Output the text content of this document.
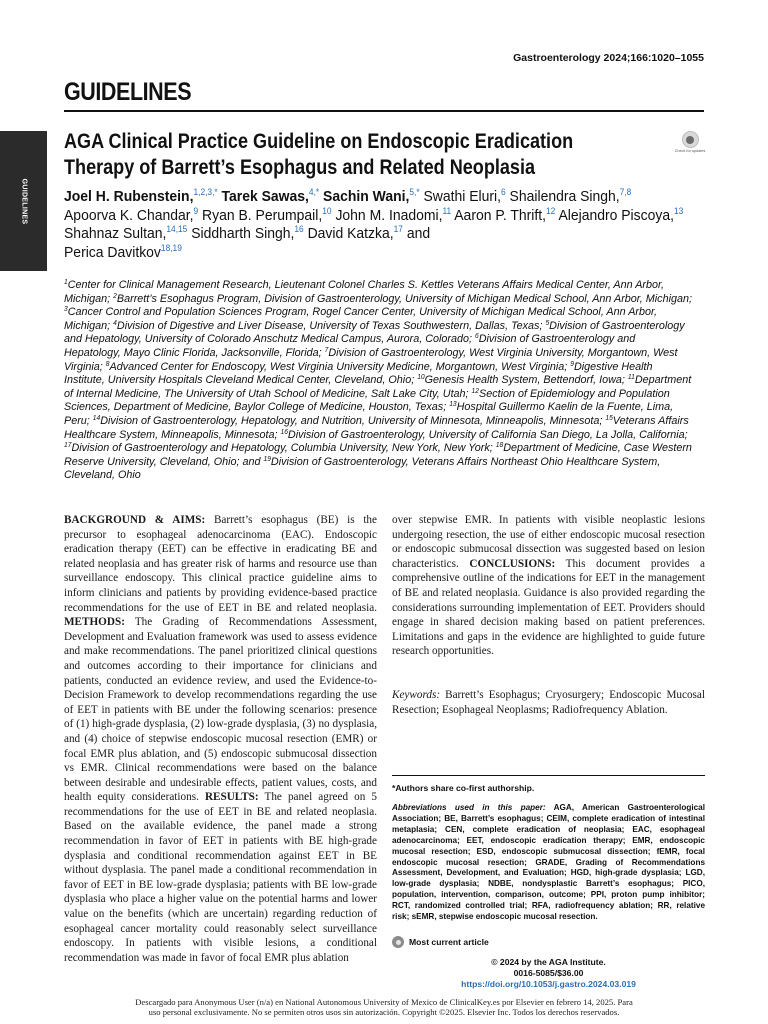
GUIDELINES
Gastroenterology 2024;166:1020–1055
GUIDELINES
AGA Clinical Practice Guideline on Endoscopic Eradication
Therapy of Barrett’s Esophagus and Related Neoplasia
Check for updates
Joel H. Rubenstein,$^{1,2,3,*}$ Tarek Sawas,$^{4,*}$ Sachin Wani,$^{5,*}$ Swathi Eluri,$^6$ Shailendra Singh,$^{7,8}$
Apoorva K. Chandar,$^9$ Ryan B. Perumpail,$^{10}$ John M. Inadomi,$^{11}$ Aaron P. Thrift,$^{12}$ Alejandro Piscoya,$^{13}$
Shahnaz Sultan,$^{14,15}$ Siddharth Singh,$^{16}$ David Katzka,$^{17}$ and
Perica Davitkov$^{18,19}$
$^1$Center for Clinical Management Research, Lieutenant Colonel Charles S. Kettles Veterans Affairs Medical Center, Ann Arbor, Michigan; $^2$Barrett’s Esophagus Program, Division of Gastroenterology, University of Michigan Medical School, Ann Arbor, Michigan; $^3$Cancer Control and Population Sciences Program, Rogel Cancer Center, University of Michigan Medical School, Ann Arbor, Michigan; $^4$Division of Digestive and Liver Disease, University of Texas Southwestern, Dallas, Texas; $^5$Division of Gastroenterology and Hepatology, University of Colorado Anschutz Medical Campus, Aurora, Colorado; $^6$Division of Gastroenterology and Hepatology, Mayo Clinic Florida, Jacksonville, Florida; $^7$Division of Gastroenterology, West Virginia University, Morgantown, West Virginia; $^8$Advanced Center for Endoscopy, West Virginia University Medicine, Morgantown, West Virginia; $^9$Digestive Health Institute, University Hospitals Cleveland Medical Center, Cleveland, Ohio; $^{10}$Genesis Health System, Bettendorf, Iowa; $^{11}$Department of Internal Medicine, The University of Utah School of Medicine, Salt Lake City, Utah; $^{12}$Section of Epidemiology and Population Sciences, Department of Medicine, Baylor College of Medicine, Houston, Texas; $^{13}$Hospital Guillermo Kaelin de la Fuente, Lima, Peru; $^{14}$Division of Gastroenterology, Hepatology, and Nutrition, University of Minnesota, Minneapolis, Minnesota; $^{15}$Veterans Affairs Healthcare System, Minneapolis, Minnesota; $^{16}$Division of Gastroenterology, University of California San Diego, La Jolla, California; $^{17}$Division of Gastroenterology and Hepatology, Columbia University, New York, New York; $^{18}$Department of Medicine, Case Western Reserve University, Cleveland, Ohio; and $^{19}$Division of Gastroenterology, Veterans Affairs Northeast Ohio Healthcare System, Cleveland, Ohio
BACKGROUND & AIMS: Barrett’s esophagus (BE) is the precursor to esophageal adenocarcinoma (EAC). Endoscopic eradication therapy (EET) can be effective in eradicating BE and related neoplasia and has greater risk of harms and resource use than surveillance endoscopy. This clinical practice guideline aims to inform clinicians and patients by providing evidence-based practice recommendations for the use of EET in BE and related neoplasia. METHODS: The Grading of Recommendations Assessment, Development and Evaluation framework was used to assess evidence and make recommendations. The panel prioritized clinical questions and outcomes according to their importance for clinicians and patients, conducted an evidence review, and used the Evidence-to-Decision Framework to develop recommendations regarding the use of EET in patients with BE under the following scenarios: presence of (1) high-grade dysplasia, (2) low-grade dysplasia, (3) no dysplasia, and (4) choice of stepwise endoscopic mucosal resection (EMR) or focal EMR plus ablation, and (5) endoscopic submucosal dissection vs EMR. Clinical recommendations were based on the balance between desirable and undesirable effects, patient values, costs, and health equity considerations. RESULTS: The panel agreed on 5 recommendations for the use of EET in BE and related neoplasia. Based on the available evidence, the panel made a strong recommendation in favor of EET in patients with BE high-grade dysplasia and conditional recommendation against EET in BE without dysplasia. The panel made a conditional recommendation in favor of EET in BE low-grade dysplasia; patients with BE low-grade dysplasia who place a higher value on the potential harms and lower value on the benefits (which are uncertain) regarding reduction of esophageal cancer mortality could reasonably select surveillance endoscopy. In patients with visible lesions, a conditional recommendation was made in favor of focal EMR plus ablation
over stepwise EMR. In patients with visible neoplastic lesions undergoing resection, the use of either endoscopic mucosal resection or endoscopic submucosal dissection was suggested based on lesion characteristics. CONCLUSIONS: This document provides a comprehensive outline of the indications for EET in the management of BE and related neoplasia. Guidance is also provided regarding the considerations surrounding implementation of EET. Providers should engage in shared decision making based on patient preferences. Limitations and gaps in the evidence are highlighted to guide future research opportunities.
Keywords: Barrett’s Esophagus; Cryosurgery; Endoscopic Mucosal Resection; Esophageal Neoplasms; Radiofrequency Ablation.
*Authors share co-first authorship.
Abbreviations used in this paper: AGA, American Gastroenterological Association; BE, Barrett’s esophagus; CEIM, complete eradication of intestinal metaplasia; CEN, complete eradication of neoplasia; EAC, esophageal adenocarcinoma; EET, endoscopic eradication therapy; EMR, endoscopic mucosal resection; ESD, endoscopic submucosal dissection; fEMR, focal endoscopic mucosal resection; GRADE, Grading of Recommendations Assessment, Development, and Evaluation; HGD, high-grade dysplasia; LGD, low-grade dysplasia; NDBE, nondysplastic Barrett’s esophagus; PICO, population, intervention, comparison, outcome; PPI, proton pump inhibitor; RCT, randomized controlled trial; RFA, radiofrequency ablation; RR, relative risk; sEMR, stepwise endoscopic mucosal resection.
Most current article
© 2024 by the AGA Institute.
0016-5085/$36.00
https://doi.org/10.1053/j.gastro.2024.03.019
Descargado para Anonymous User (n/a) en National Autonomous University of Mexico de ClinicalKey.es por Elsevier en febrero 14, 2025. Para
uso personal exclusivamente. No se permiten otros usos sin autorización. Copyright ©2025. Elsevier Inc. Todos los derechos reservados.
